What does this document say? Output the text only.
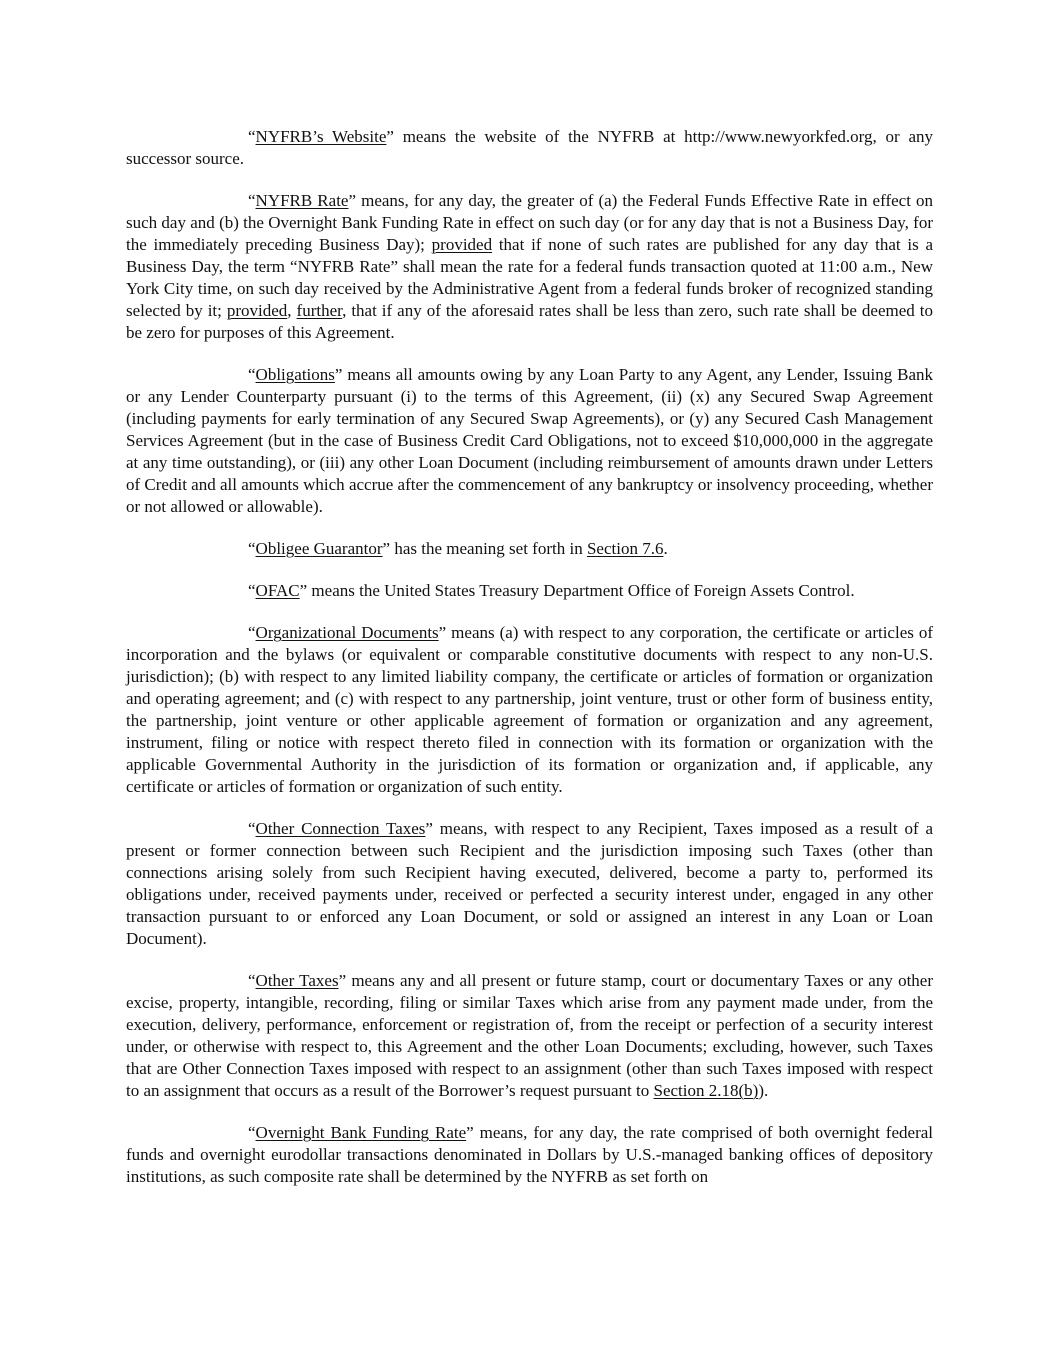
“NYFRB’s Website” means the website of the NYFRB at http://www.newyorkfed.org, or any successor source.

“NYFRB Rate” means, for any day, the greater of (a) the Federal Funds Effective Rate in effect on such day and (b) the Overnight Bank Funding Rate in effect on such day (or for any day that is not a Business Day, for the immediately preceding Business Day); provided that if none of such rates are published for any day that is a Business Day, the term “NYFRB Rate” shall mean the rate for a federal funds transaction quoted at 11:00 a.m., New York City time, on such day received by the Administrative Agent from a federal funds broker of recognized standing selected by it; provided, further, that if any of the aforesaid rates shall be less than zero, such rate shall be deemed to be zero for purposes of this Agreement.

“Obligations” means all amounts owing by any Loan Party to any Agent, any Lender, Issuing Bank or any Lender Counterparty pursuant (i) to the terms of this Agreement, (ii) (x) any Secured Swap Agreement (including payments for early termination of any Secured Swap Agreements), or (y) any Secured Cash Management Services Agreement (but in the case of Business Credit Card Obligations, not to exceed $10,000,000 in the aggregate at any time outstanding), or (iii) any other Loan Document (including reimbursement of amounts drawn under Letters of Credit and all amounts which accrue after the commencement of any bankruptcy or insolvency proceeding, whether or not allowed or allowable).

“Obligee Guarantor” has the meaning set forth in Section 7.6.

“OFAC” means the United States Treasury Department Office of Foreign Assets Control.

“Organizational Documents” means (a) with respect to any corporation, the certificate or articles of incorporation and the bylaws (or equivalent or comparable constitutive documents with respect to any non-U.S. jurisdiction); (b) with respect to any limited liability company, the certificate or articles of formation or organization and operating agreement; and (c) with respect to any partnership, joint venture, trust or other form of business entity, the partnership, joint venture or other applicable agreement of formation or organization and any agreement, instrument, filing or notice with respect thereto filed in connection with its formation or organization with the applicable Governmental Authority in the jurisdiction of its formation or organization and, if applicable, any certificate or articles of formation or organization of such entity.

“Other Connection Taxes” means, with respect to any Recipient, Taxes imposed as a result of a present or former connection between such Recipient and the jurisdiction imposing such Taxes (other than connections arising solely from such Recipient having executed, delivered, become a party to, performed its obligations under, received payments under, received or perfected a security interest under, engaged in any other transaction pursuant to or enforced any Loan Document, or sold or assigned an interest in any Loan or Loan Document).

“Other Taxes” means any and all present or future stamp, court or documentary Taxes or any other excise, property, intangible, recording, filing or similar Taxes which arise from any payment made under, from the execution, delivery, performance, enforcement or registration of, from the receipt or perfection of a security interest under, or otherwise with respect to, this Agreement and the other Loan Documents; excluding, however, such Taxes that are Other Connection Taxes imposed with respect to an assignment (other than such Taxes imposed with respect to an assignment that occurs as a result of the Borrower’s request pursuant to Section 2.18(b)).

“Overnight Bank Funding Rate” means, for any day, the rate comprised of both overnight federal funds and overnight eurodollar transactions denominated in Dollars by U.S.-managed banking offices of depository institutions, as such composite rate shall be determined by the NYFRB as set forth on
